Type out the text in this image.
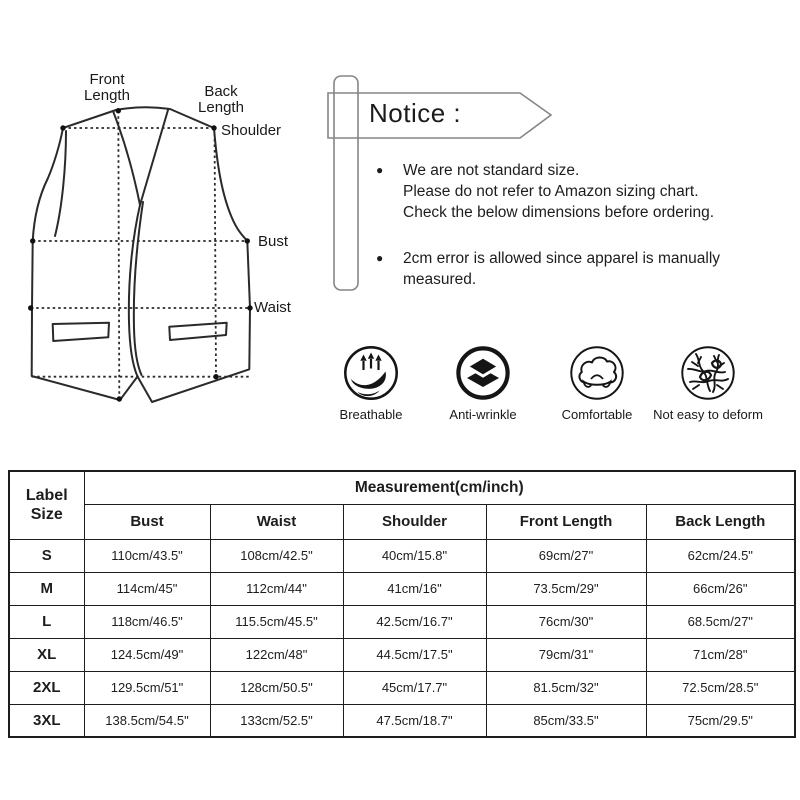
Front
Length	Back
Length
Shoulder
Bust
Waist
Notice :
●	We are not standard size.
Please do not refer to Amazon sizing chart.
Check the below dimensions before ordering.
●	2cm error is allowed since apparel is manually
measured.
Breathable	Anti-wrinkle	Comfortable Not easy to deform
Label
Size	Measurement(cm/inch)				
	Bust	Waist	Shoulder	Front Length	Back Length
S	110cm/43.5"	108cm/42.5"	40cm/15.8"	69cm/27"	62cm/24.5"
M	114cm/45"	112cm/44"	41cm/16"	73.5cm/29"	66cm/26"
L	118cm/46.5"	115.5cm/45.5"	42.5cm/16.7"	76cm/30"	68.5cm/27"
XL	124.5cm/49"	122cm/48"	44.5cm/17.5"	79cm/31"	71cm/28"
2XL	129.5cm/51"	128cm/50.5"	45cm/17.7"	81.5cm/32"	72.5cm/28.5"
3XL	138.5cm/54.5"	133cm/52.5"	47.5cm/18.7"	85cm/33.5"	75cm/29.5"
